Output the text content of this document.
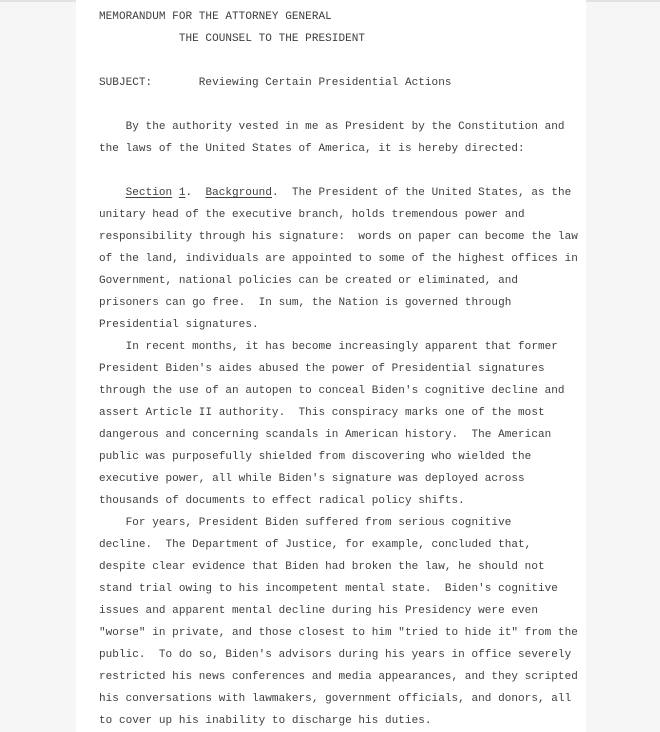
MEMORANDUM FOR THE ATTORNEY GENERAL
THE COUNSEL TO THE PRESIDENT

SUBJECT:       Reviewing Certain Presidential Actions

By the authority vested in me as President by the Constitution and
the laws of the United States of America, it is hereby directed:

Section 1.  Background.  The President of the United States, as the
unitary head of the executive branch, holds tremendous power and
responsibility through his signature:  words on paper can become the law
of the land, individuals are appointed to some of the highest offices in
Government, national policies can be created or eliminated, and
prisoners can go free.  In sum, the Nation is governed through
Presidential signatures.
In recent months, it has become increasingly apparent that former
President Biden's aides abused the power of Presidential signatures
through the use of an autopen to conceal Biden's cognitive decline and
assert Article II authority.  This conspiracy marks one of the most
dangerous and concerning scandals in American history.  The American
public was purposefully shielded from discovering who wielded the
executive power, all while Biden's signature was deployed across
thousands of documents to effect radical policy shifts.
For years, President Biden suffered from serious cognitive
decline.  The Department of Justice, for example, concluded that,
despite clear evidence that Biden had broken the law, he should not
stand trial owing to his incompetent mental state.  Biden's cognitive
issues and apparent mental decline during his Presidency were even
"worse" in private, and those closest to him "tried to hide it" from the
public.  To do so, Biden's advisors during his years in office severely
restricted his news conferences and media appearances, and they scripted
his conversations with lawmakers, government officials, and donors, all
to cover up his inability to discharge his duties.
